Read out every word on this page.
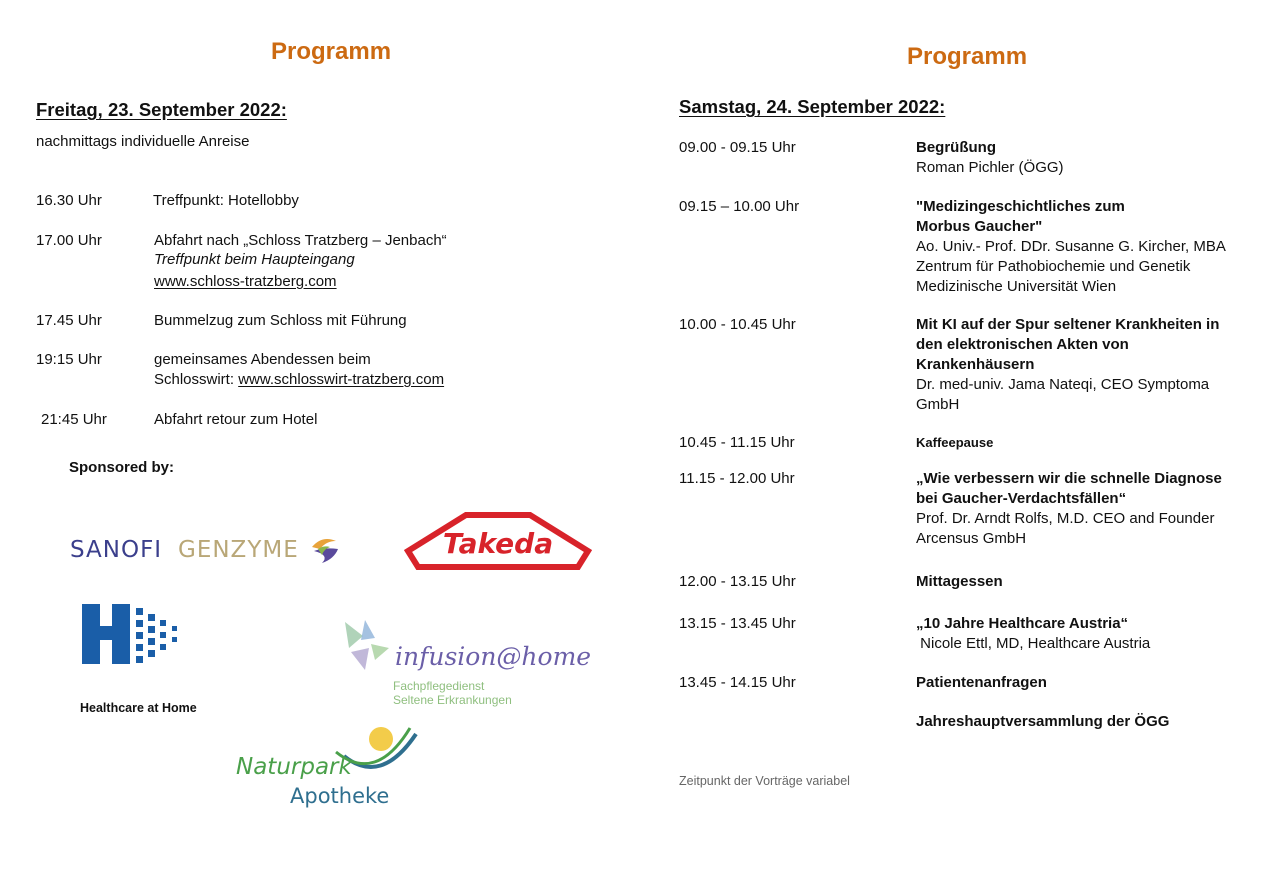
Programm
Freitag, 23. September 2022:
nachmittags individuelle Anreise
16.30 Uhr	Treffpunkt: Hotellobby
17.00 Uhr	Abfahrt nach „Schloss Tratzberg – Jenbach“
Treffpunkt beim Haupteingang
www.schloss-tratzberg.com
17.45 Uhr	Bummelzug zum Schloss mit Führung
19:15 Uhr	gemeinsames Abendessen beim
Schlosswirt: www.schlosswirt-tratzberg.com
21:45 Uhr	Abfahrt retour zum Hotel
Sponsored by:
SANOFI GENZYME	Takeda
Healthcare at Home
infusion@home
Fachpflegedienst
Seltene Erkrankungen
Naturpark
Apotheke
Programm
Samstag, 24. September 2022:
09.00 - 09.15 Uhr	Begrüßung
Roman Pichler (ÖGG)
09.15 – 10.00 Uhr	"Medizingeschichtliches zum
Morbus Gaucher"
Ao. Univ.- Prof. DDr. Susanne G. Kircher, MBA
Zentrum für Pathobiochemie und Genetik
Medizinische Universität Wien
10.00 - 10.45 Uhr	Mit KI auf der Spur seltener Krankheiten in
den elektronischen Akten von
Krankenhäusern
Dr. med-univ. Jama Nateqi, CEO Symptoma
GmbH
10.45 - 11.15 Uhr	Kaffeepause
11.15 - 12.00 Uhr	„Wie verbessern wir die schnelle Diagnose
bei Gaucher-Verdachtsfällen“
Prof. Dr. Arndt Rolfs, M.D. CEO and Founder
Arcensus GmbH
12.00 - 13.15 Uhr	Mittagessen
13.15 - 13.45 Uhr	„10 Jahre Healthcare Austria“
Nicole Ettl, MD, Healthcare Austria
13.45 - 14.15 Uhr	Patientenanfragen
Jahreshauptversammlung der ÖGG
Zeitpunkt der Vorträge variabel
